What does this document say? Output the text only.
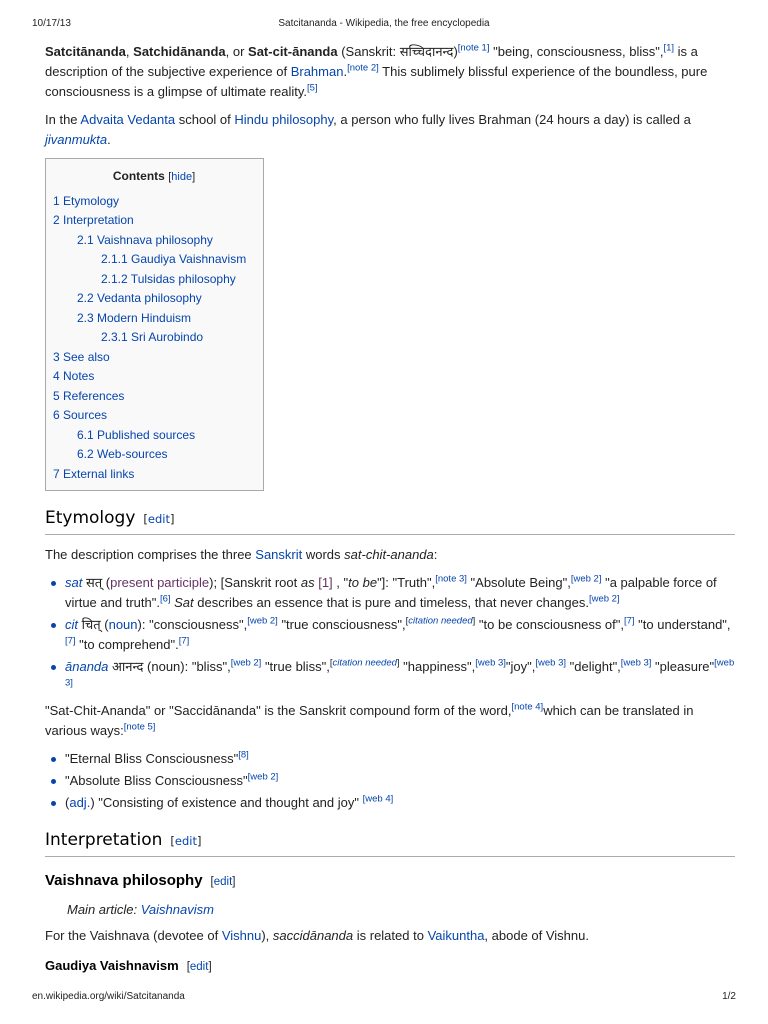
10/17/13	Satcitananda - Wikipedia, the free encyclopedia

Satcitānanda, Satchidānanda, or Sat-cit-ānanda (Sanskrit: सच्चिदानन्द)[note 1] "being, consciousness, bliss",[1] is a description of the subjective experience of Brahman.[note 2] This sublimely blissful experience of the boundless, pure consciousness is a glimpse of ultimate reality.[5]

In the Advaita Vedanta school of Hindu philosophy, a person who fully lives Brahman (24 hours a day) is called a jivanmukta.

Contents [hide]
1 Etymology
2 Interpretation
2.1 Vaishnava philosophy
2.1.1 Gaudiya Vaishnavism
2.1.2 Tulsidas philosophy
2.2 Vedanta philosophy
2.3 Modern Hinduism
2.3.1 Sri Aurobindo
3 See also
4 Notes
5 References
6 Sources
6.1 Published sources
6.2 Web-sources
7 External links
Etymology [edit]

The description comprises the three Sanskrit words sat-chit-ananda:

sat सत् (present participle); [Sanskrit root as [1] , "to be"]: "Truth",[note 3] "Absolute Being",[web 2] "a palpable force of virtue and truth".[6] Sat describes an essence that is pure and timeless, that never changes.[web 2]
cit चित् (noun): "consciousness",[web 2] "true consciousness",[citation needed] "to be consciousness of",[7] "to understand",[7] "to comprehend".[7]
ānanda आनन्द (noun): "bliss",[web 2] "true bliss",[citation needed] "happiness",[web 3]"joy",[web 3] "delight",[web 3] "pleasure"[web 3]

"Sat-Chit-Ananda" or "Saccidānanda" is the Sanskrit compound form of the word,[note 4]which can be translated in various ways:[note 5]

"Eternal Bliss Consciousness"[8]
"Absolute Bliss Consciousness"[web 2]
(adj.) "Consisting of existence and thought and joy" [web 4]
Interpretation [edit]
Vaishnava philosophy [edit]
Main article: Vaishnavism

For the Vaishnava (devotee of Vishnu), saccidānanda is related to Vaikuntha, abode of Vishnu.

Gaudiya Vaishnavism [edit]
en.wikipedia.org/wiki/Satcitananda	1/2
